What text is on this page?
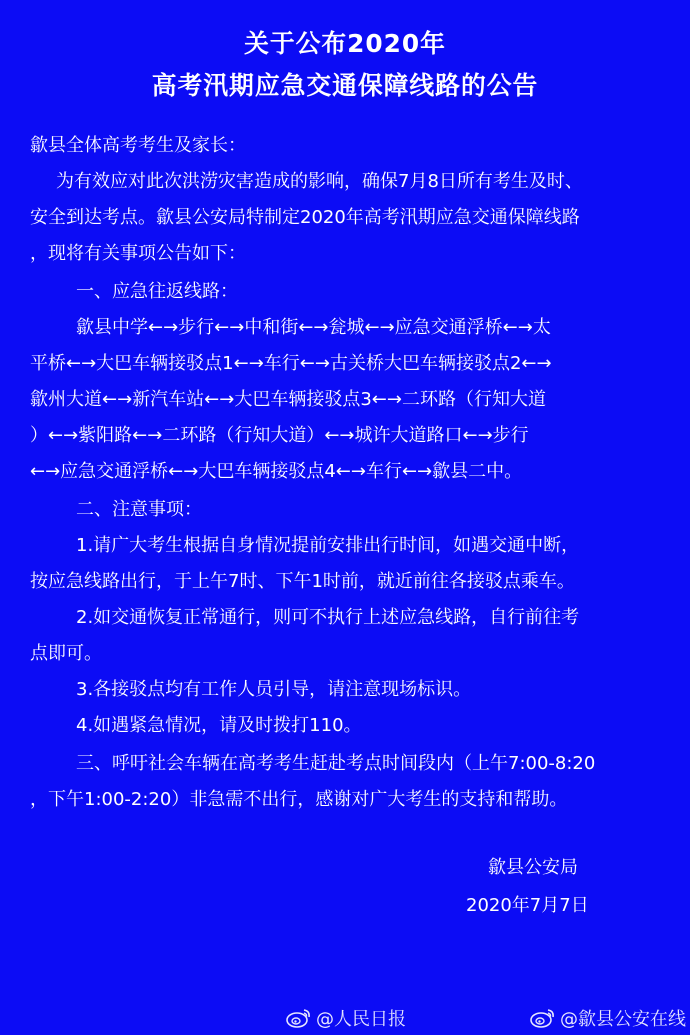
关于公布2020年
高考汛期应急交通保障线路的公告
歙县全体高考考生及家长：
为有效应对此次洪涝灾害造成的影响，确保7月8日所有考生及时、
安全到达考点。歙县公安局特制定2020年高考汛期应急交通保障线路
，现将有关事项公告如下：
一、应急往返线路：
歙县中学←→步行←→中和街←→瓮城←→应急交通浮桥←→太
平桥←→大巴车辆接驳点1←→车行←→古关桥大巴车辆接驳点2←→
歙州大道←→新汽车站←→大巴车辆接驳点3←→二环路（行知大道
）←→紫阳路←→二环路（行知大道）←→城许大道路口←→步行
←→应急交通浮桥←→大巴车辆接驳点4←→车行←→歙县二中。
二、注意事项：
1.请广大考生根据自身情况提前安排出行时间，如遇交通中断，
按应急线路出行，于上午7时、下午1时前，就近前往各接驳点乘车。
2.如交通恢复正常通行，则可不执行上述应急线路，自行前往考
点即可。
3.各接驳点均有工作人员引导，请注意现场标识。
4.如遇紧急情况，请及时拨打110。
三、呼吁社会车辆在高考考生赶赴考点时间段内（上午7:00-8:20
，下午1:00-2:20）非急需不出行，感谢对广大考生的支持和帮助。
歙县公安局
2020年7月7日
@人民日报	@歙县公安在线
